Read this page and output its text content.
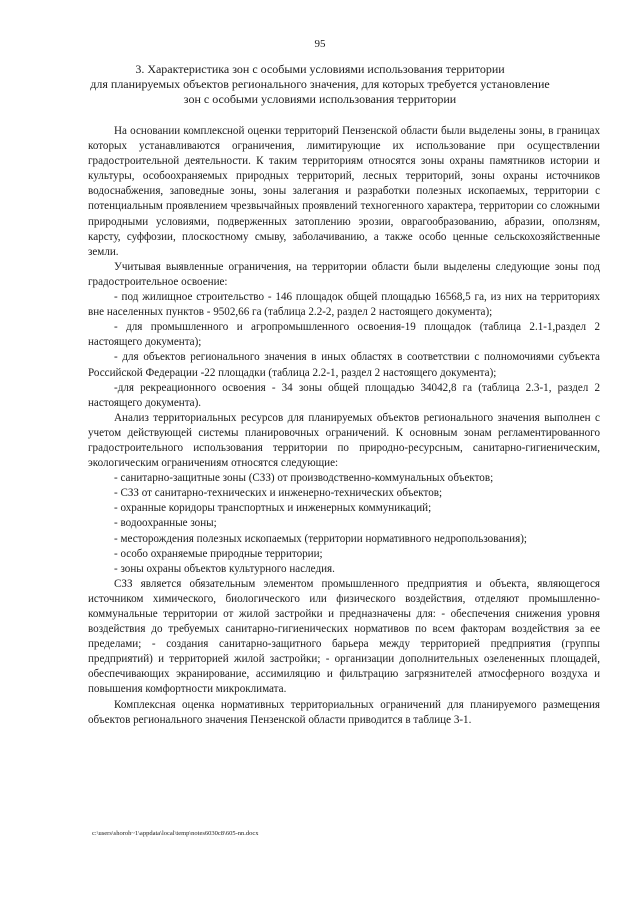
95
3. Характеристика зон с особыми условиями использования территории
для планируемых объектов регионального значения, для которых требуется установление
зон с особыми условиями использования территории

На основании комплексной оценки территорий Пензенской области были выделены зоны, в границах которых устанавливаются ограничения, лимитирующие их использование при осуществлении градостроительной деятельности. К таким территориям относятся зоны охраны памятников истории и культуры, особоохраняемых природных территорий, лесных территорий, зоны охраны источников водоснабжения, заповедные зоны, зоны залегания и разработки полезных ископаемых, территории с потенциальным проявлением чрезвычайных проявлений техногенного характера, территории со сложными природными условиями, подверженных затоплению эрозии, оврагообразованию, абразии, оползням, карсту, суффозии, плоскостному смыву, заболачиванию, а также особо ценные сельскохозяйственные земли.

Учитывая выявленные ограничения, на территории области были выделены следующие зоны под градостроительное освоение:

- под жилищное строительство - 146 площадок общей площадью 16568,5 га, из них на территориях вне населенных пунктов - 9502,66 га (таблица 2.2-2, раздел 2 настоящего документа);

- для промышленного и агропромышленного освоения-19 площадок (таблица 2.1-1,раздел 2 настоящего документа);

- для объектов регионального значения в иных областях в соответствии с полномочиями субъекта Российской Федерации -22 площадки (таблица 2.2-1, раздел 2 настоящего документа);

-для рекреационного освоения - 34 зоны общей площадью 34042,8 га (таблица 2.3-1, раздел 2 настоящего документа).

Анализ территориальных ресурсов для планируемых объектов регионального значения выполнен с учетом действующей системы планировочных ограничений. К основным зонам регламентированного градостроительного использования территории по природно-ресурсным, санитарно-гигиеническим, экологическим ограничениям относятся следующие:

- санитарно-защитные зоны (СЗЗ) от производственно-коммунальных объектов;

- СЗЗ от санитарно-технических и инженерно-технических объектов;

- охранные коридоры транспортных и инженерных коммуникаций;

- водоохранные зоны;

- месторождения полезных ископаемых (территории нормативного недропользования);

- особо охраняемые природные территории;

- зоны охраны объектов культурного наследия.

СЗЗ является обязательным элементом промышленного предприятия и объекта, являющегося источником химического, биологического или физического воздействия, отделяют промышленно-коммунальные территории от жилой застройки и предназначены для: - обеспечения снижения уровня воздействия до требуемых санитарно-гигиенических нормативов по всем факторам воздействия за ее пределами; - создания санитарно-защитного барьера между территорией предприятия (группы предприятий) и территорией жилой застройки; - организации дополнительных озелененных площадей, обеспечивающих экранирование, ассимиляцию и фильтрацию загрязнителей атмосферного воздуха и повышения комфортности микроклимата.

Комплексная оценка нормативных территориальных ограничений для планируемого размещения объектов регионального значения Пензенской области приводится в таблице 3-1.

c:\users\shoroh~1\appdata\local\temp\notes6030c8\605-nn.docx
